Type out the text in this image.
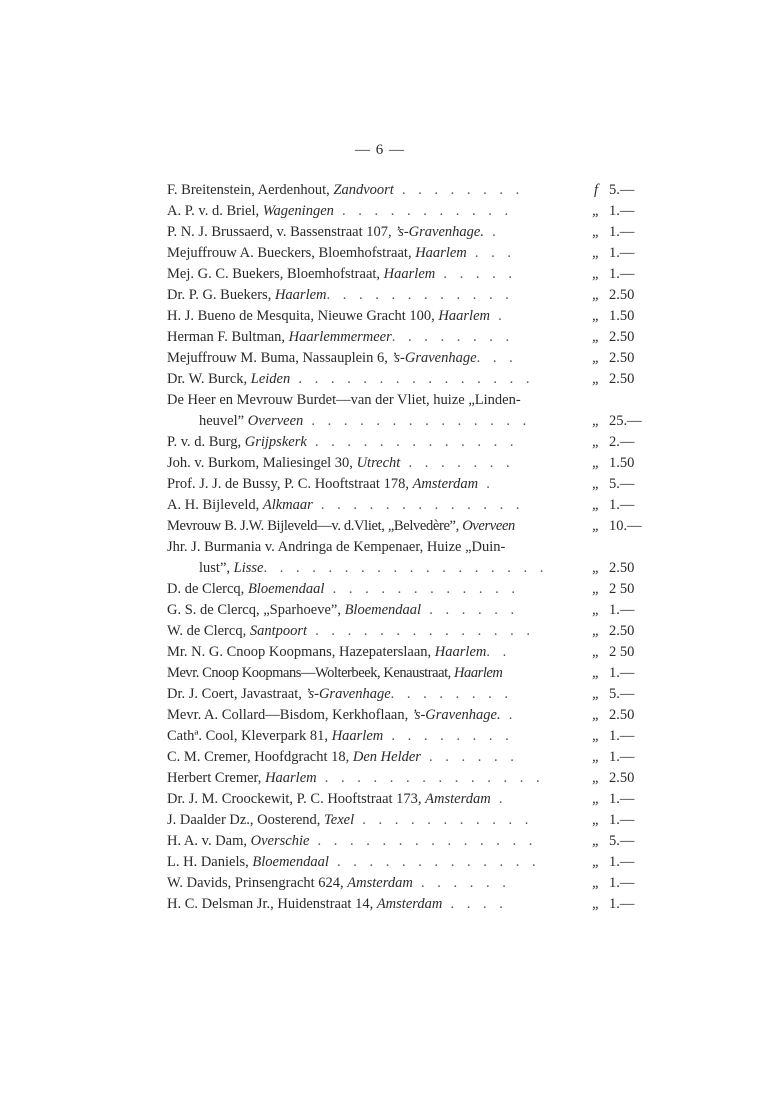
— 6 —
F. Breitenstein, Aerdenhout, Zandvoort . . . . . . . .	f 5.—
A. P. v. d. Briel, Wageningen . . . . . . . . . . .	„ 1.—
P. N. J. Brussaerd, v. Bassenstraat 107, ’s-Gravenhage. .	„ 1.—
Mejuffrouw A. Bueckers, Bloemhofstraat, Haarlem . . .	„ 1.—
Mej. G. C. Buekers, Bloemhofstraat, Haarlem . . . . .	„ 1.—
Dr. P. G. Buekers, Haarlem. . . . . . . . . . . .	„ 2.50
H. J. Bueno de Mesquita, Nieuwe Gracht 100, Haarlem .	„ 1.50
Herman F. Bultman, Haarlemmermeer. . . . . . . .	„ 2.50
Mejuffrouw M. Buma, Nassauplein 6, ’s-Gravenhage. . .	„ 2.50
Dr. W. Burck, Leiden . . . . . . . . . . . . . . .	„ 2.50
De Heer en Mevrouw Burdet—van der Vliet, huize „Linden-
heuvel” Overveen . . . . . . . . . . . . . .	„ 25.—
P. v. d. Burg, Grijpskerk . . . . . . . . . . . . .	„ 2.—
Joh. v. Burkom, Maliesingel 30, Utrecht . . . . . . .	„ 1.50
Prof. J. J. de Bussy, P. C. Hooftstraat 178, Amsterdam .	„ 5.—
A. H. Bijleveld, Alkmaar . . . . . . . . . . . . .	„ 1.—
Mevrouw B. J.W. Bijleveld—v. d.Vliet, „Belvedère”, Overveen	„ 10.—
Jhr. J. Burmania v. Andringa de Kempenaer, Huize „Duin-
lust”, Lisse. . . . . . . . . . . . . . . . . .	„ 2.50
D. de Clercq, Bloemendaal . . . . . . . . . . . .	„ 2 50
G. S. de Clercq, „Sparhoeve”, Bloemendaal . . . . . .	„ 1.—
W. de Clercq, Santpoort . . . . . . . . . . . . . .	„ 2.50
Mr. N. G. Cnoop Koopmans, Hazepaterslaan, Haarlem. .	„ 2 50
Mevr. Cnoop Koopmans—Wolterbeek, Kenaustraat, Haarlem	„ 1.—
Dr. J. Coert, Javastraat, ’s-Gravenhage. . . . . . . .	„ 5.—
Mevr. A. Collard—Bisdom, Kerkhoflaan, ’s-Gravenhage. .	„ 2.50
Cathª. Cool, Kleverpark 81, Haarlem . . . . . . . .	„ 1.—
C. M. Cremer, Hoofdgracht 18, Den Helder . . . . . .	„ 1.—
Herbert Cremer, Haarlem . . . . . . . . . . . . . .	„ 2.50
Dr. J. M. Croockewit, P. C. Hooftstraat 173, Amsterdam .	„ 1.—
J. Daalder Dz., Oosterend, Texel . . . . . . . . . . .	„ 1.—
H. A. v. Dam, Overschie . . . . . . . . . . . . . .	„ 5.—
L. H. Daniels, Bloemendaal . . . . . . . . . . . . .	„ 1.—
W. Davids, Prinsengracht 624, Amsterdam . . . . . .	„ 1.—
H. C. Delsman Jr., Huidenstraat 14, Amsterdam . . . .	„ 1.—
